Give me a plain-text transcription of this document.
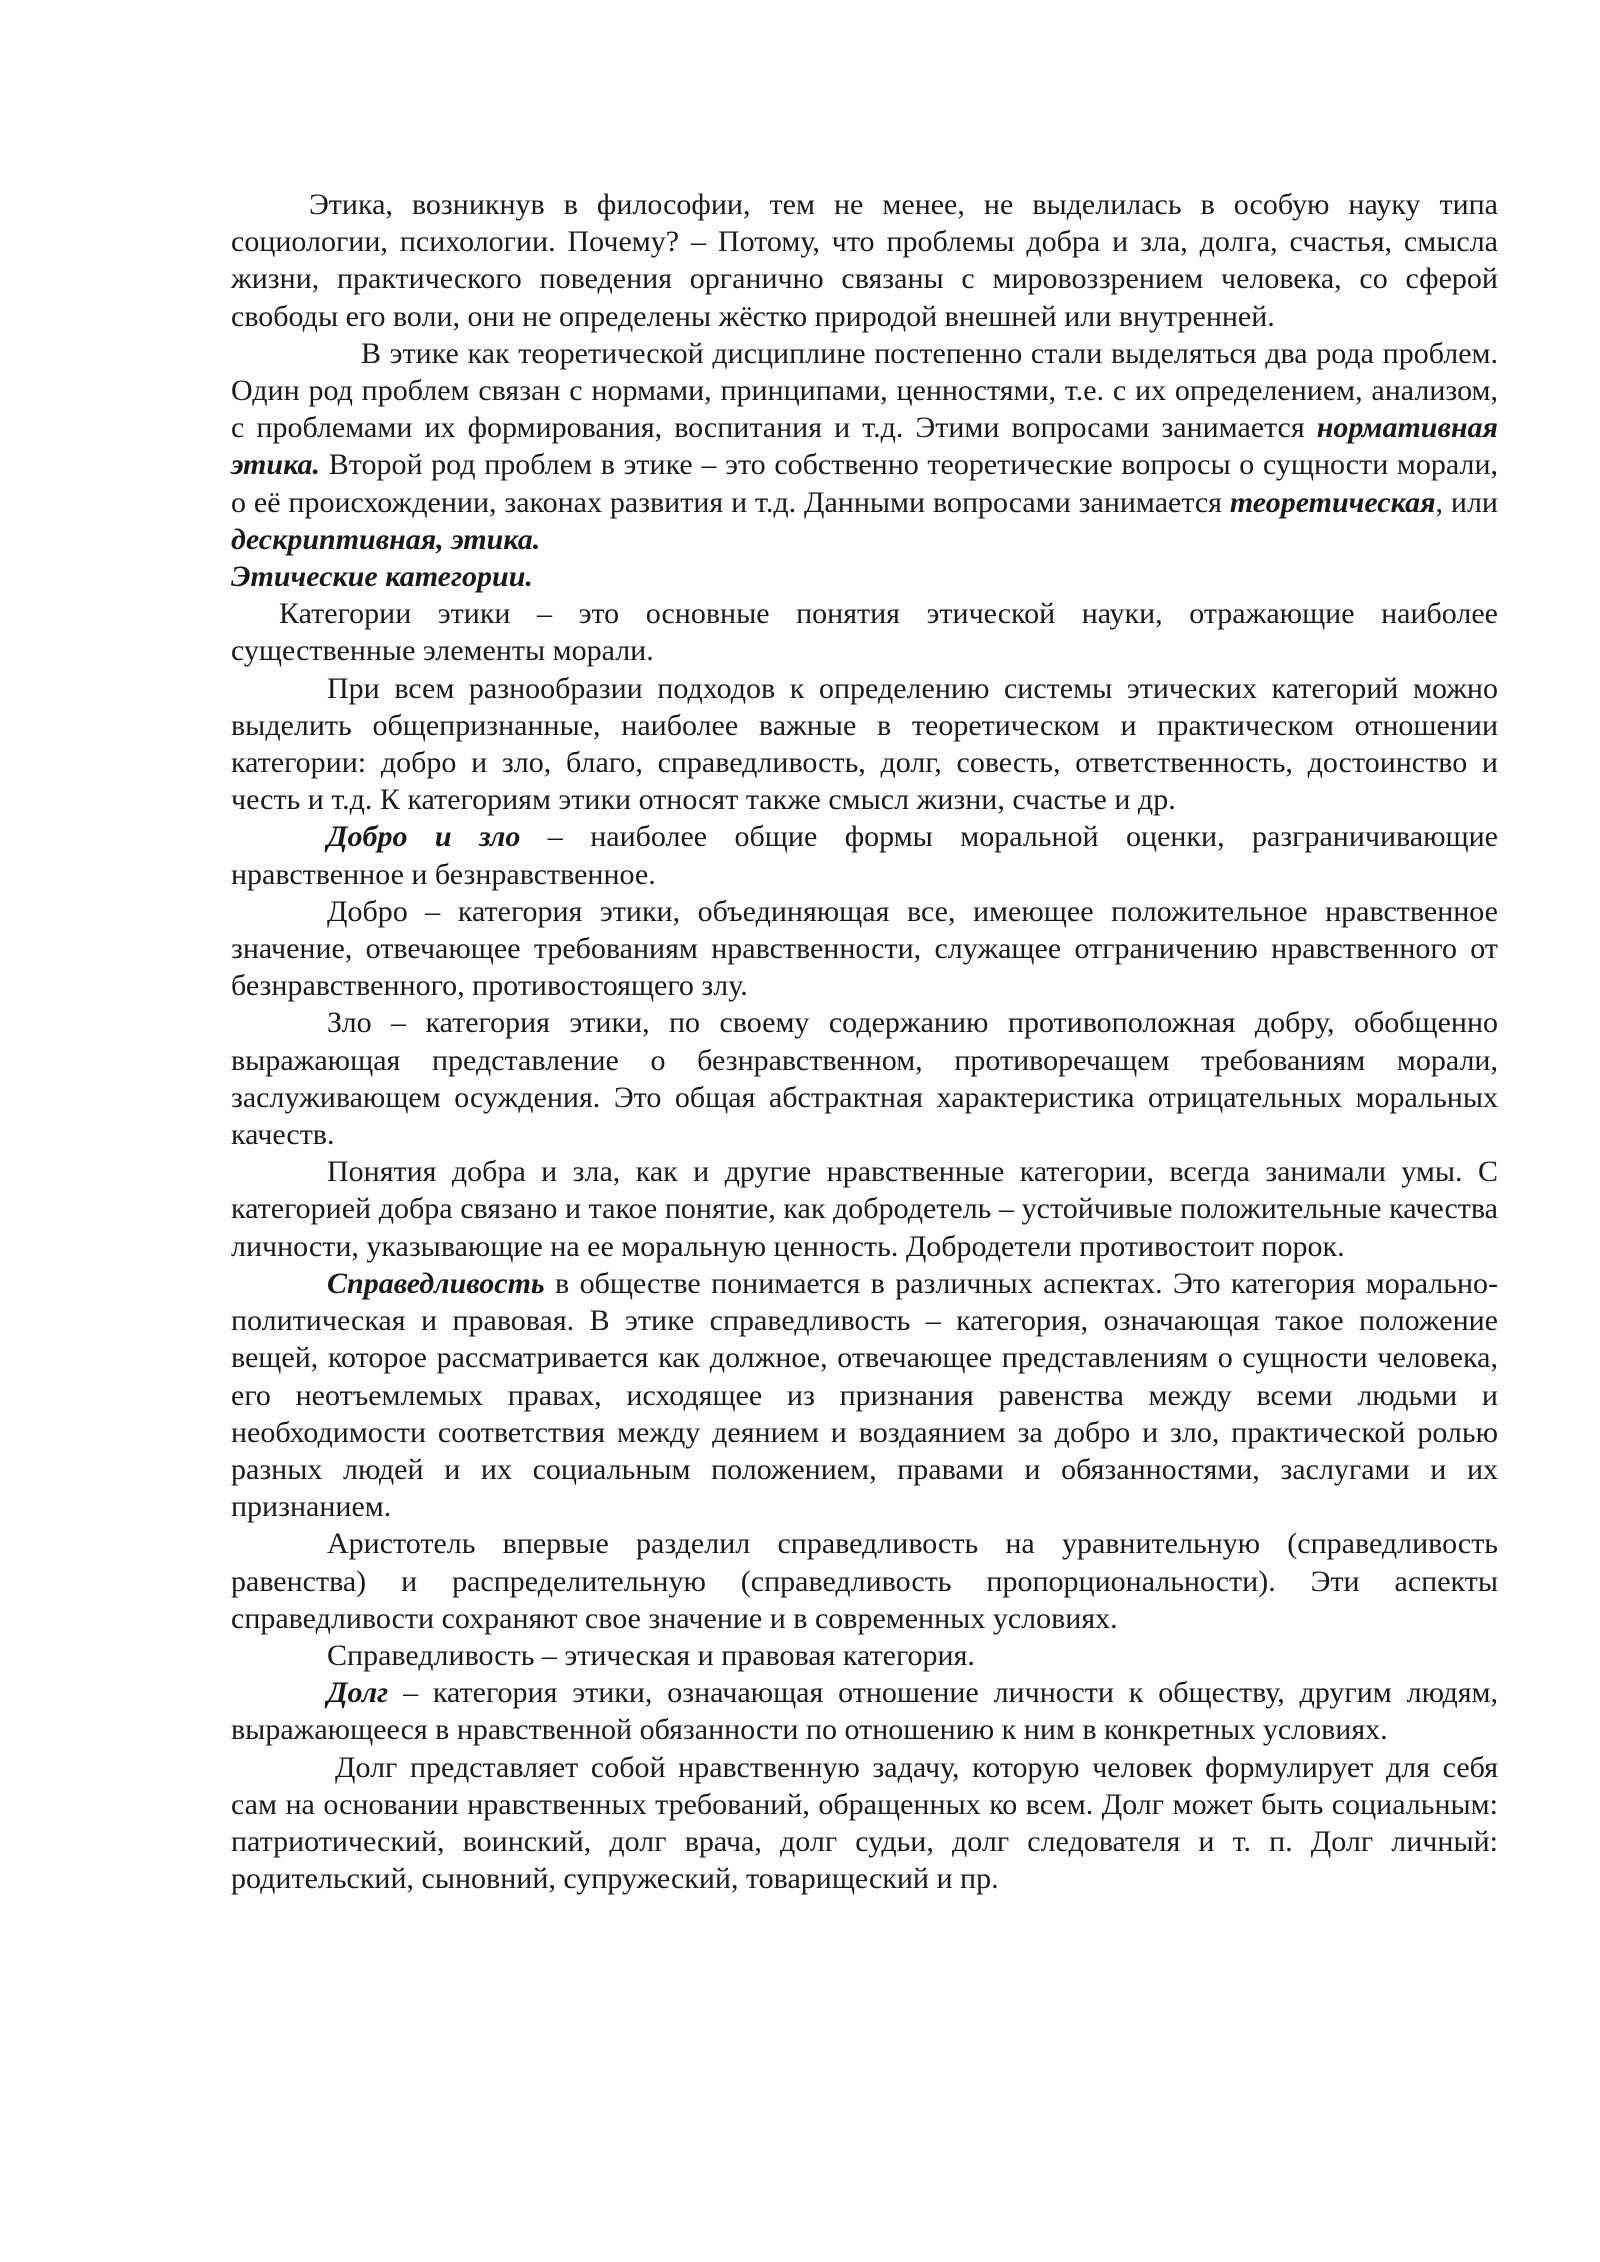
Этика, возникнув в философии, тем не менее, не выделилась в особую науку типа социологии, психологии. Почему? – Потому, что проблемы добра и зла, долга, счастья, смысла жизни, практического поведения органично связаны с мировоззрением человека, со сферой свободы его воли, они не определены жёстко природой внешней или внутренней.

В этике как теоретической дисциплине постепенно стали выделяться два рода проблем. Один род проблем связан с нормами, принципами, ценностями, т.е. с их определением, анализом, с проблемами их формирования, воспитания и т.д. Этими вопросами занимается нормативная этика. Второй род проблем в этике – это собственно теоретические вопросы о сущности морали, о её происхождении, законах развития и т.д. Данными вопросами занимается теоретическая, или дескриптивная, этика.

Этические категории.

Категории этики – это основные понятия этической науки, отражающие наиболее существенные элементы морали.

При всем разнообразии подходов к определению системы этических категорий можно выделить общепризнанные, наиболее важные в теоретическом и практическом отношении категории: добро и зло, благо, справедливость, долг, совесть, ответственность, достоинство и честь и т.д. К категориям этики относят также смысл жизни, счастье и др.

Добро и зло – наиболее общие формы моральной оценки, разграничивающие нравственное и безнравственное.

Добро – категория этики, объединяющая все, имеющее положительное нравственное значение, отвечающее требованиям нравственности, служащее отграничению нравственного от безнравственного, противостоящего злу.

Зло – категория этики, по своему содержанию противоположная добру, обобщенно выражающая представление о безнравственном, противоречащем требованиям морали, заслуживающем осуждения. Это общая абстрактная характеристика отрицательных моральных качеств.

Понятия добра и зла, как и другие нравственные категории, всегда занимали умы. С категорией добра связано и такое понятие, как добродетель – устойчивые положительные качества личности, указывающие на ее моральную ценность. Добродетели противостоит порок.

Справедливость в обществе понимается в различных аспектах. Это категория морально-политическая и правовая. В этике справедливость – категория, означающая такое положение вещей, которое рассматривается как должное, отвечающее представлениям о сущности человека, его неотъемлемых правах, исходящее из признания равенства между всеми людьми и необходимости соответствия между деянием и воздаянием за добро и зло, практической ролью разных людей и их социальным положением, правами и обязанностями, заслугами и их признанием.

Аристотель впервые разделил справедливость на уравнительную (справедливость равенства) и распределительную (справедливость пропорциональности). Эти аспекты справедливости сохраняют свое значение и в современных условиях.

Справедливость – этическая и правовая категория.

Долг – категория этики, означающая отношение личности к обществу, другим людям, выражающееся в нравственной обязанности по отношению к ним в конкретных условиях.

Долг представляет собой нравственную задачу, которую человек формулирует для себя сам на основании нравственных требований, обращенных ко всем. Долг может быть социальным: патриотический, воинский, долг врача, долг судьи, долг следователя и т. п. Долг личный: родительский, сыновний, супружеский, товарищеский и пр.
